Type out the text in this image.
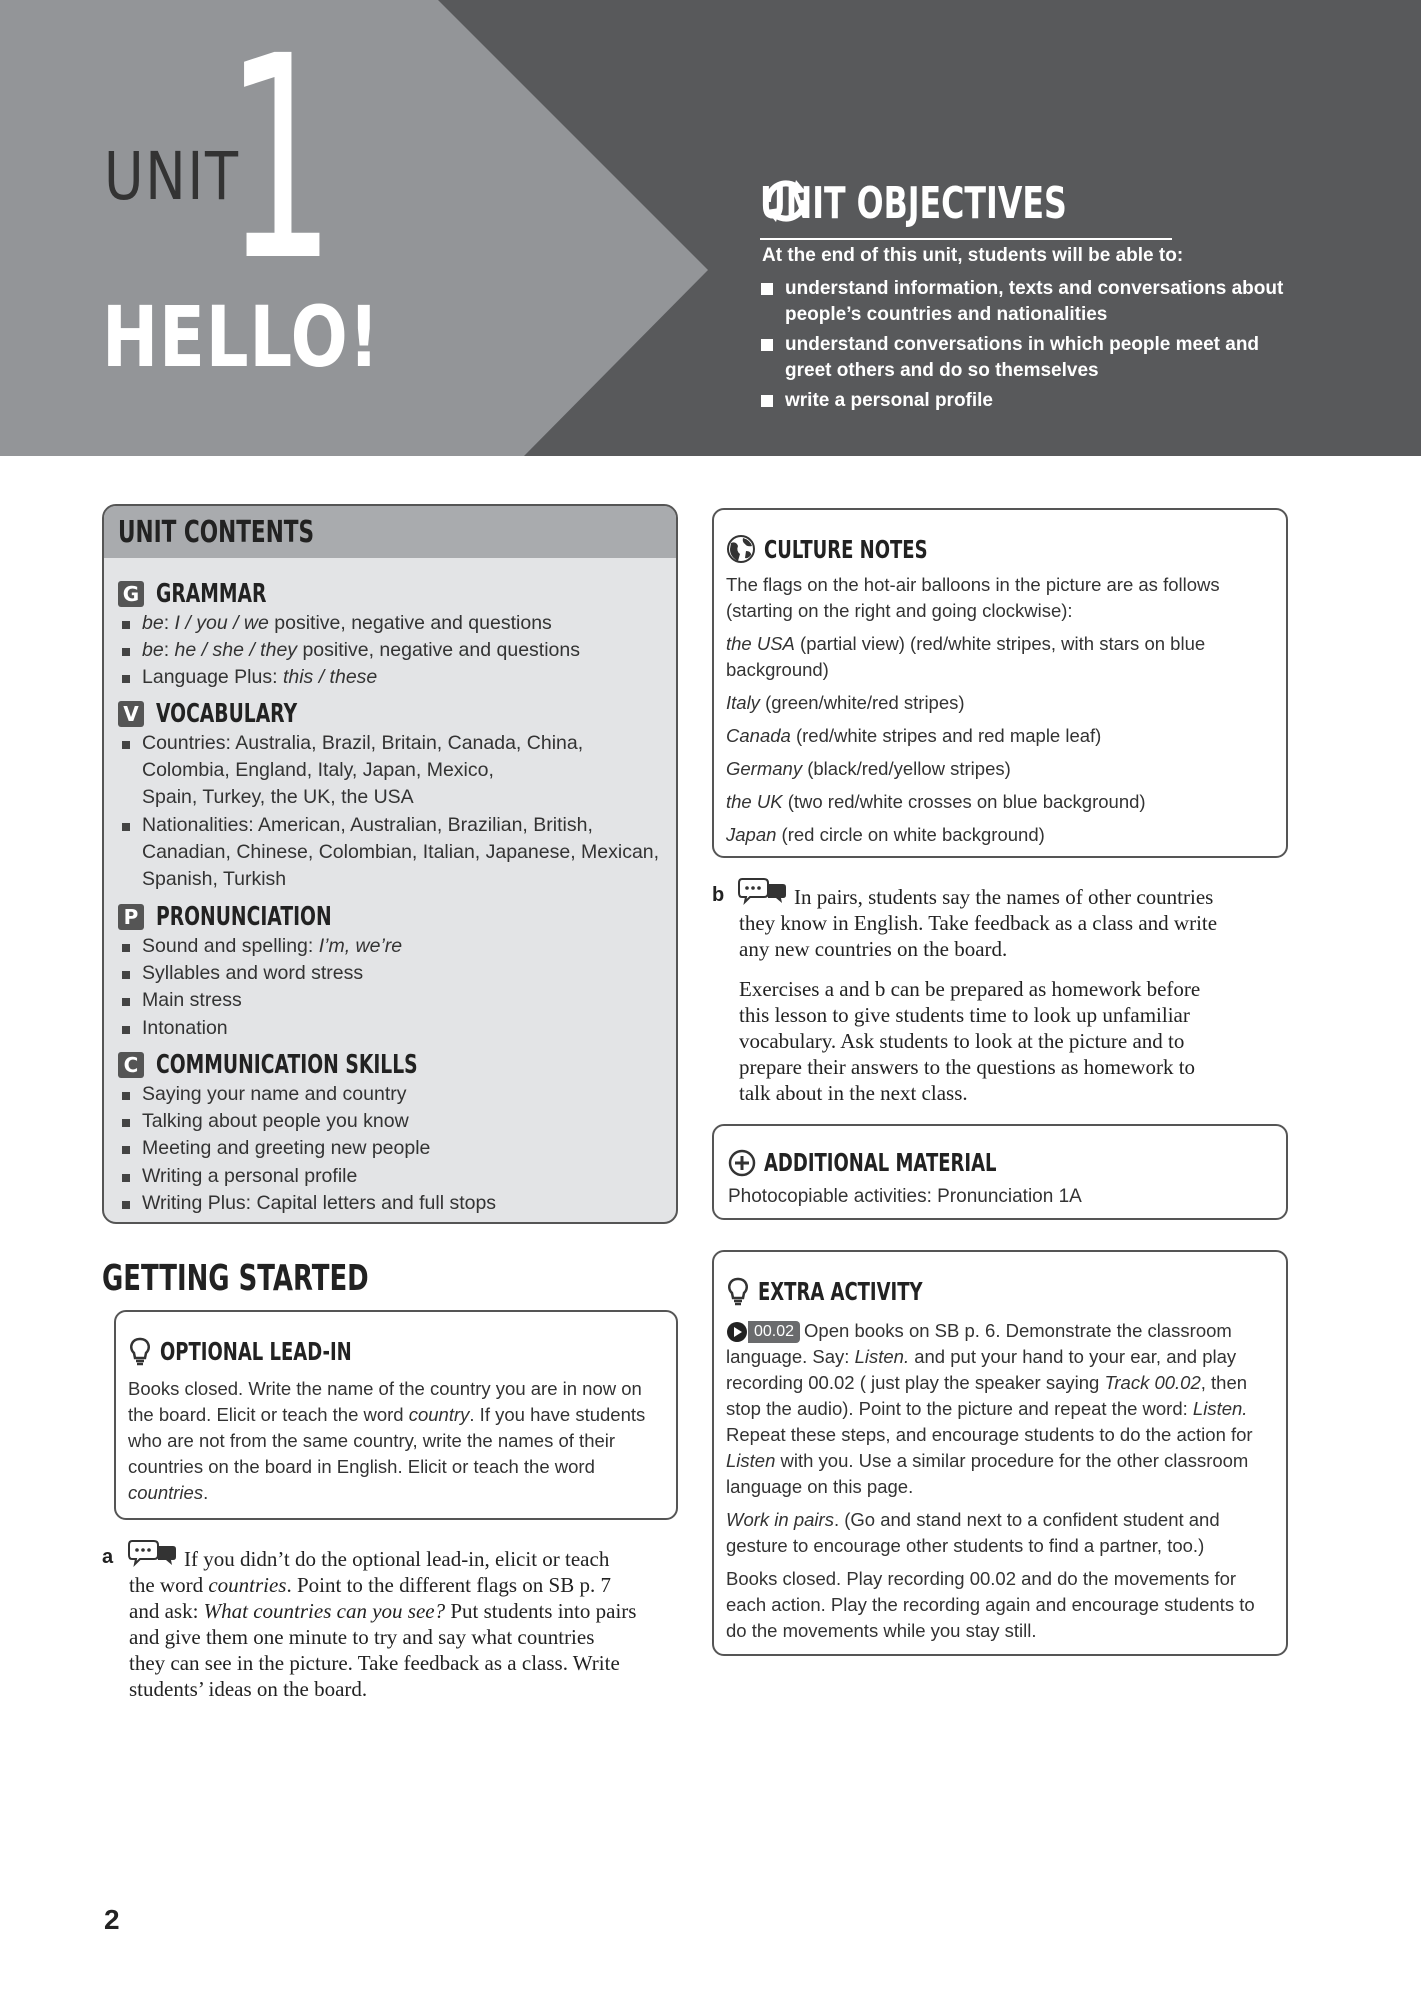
UNIT
1
HELLO!
UNIT OBJECTIVES
At the end of this unit, students will be able to:
understand information, texts and conversations about people’s countries and nationalities
understand conversations in which people meet and greet others and do so themselves
write a personal profile
UNIT CONTENTS
G GRAMMAR
be: I / you / we positive, negative and questions
be: he / she / they positive, negative and questions
Language Plus: this / these
V VOCABULARY
Countries: Australia, Brazil, Britain, Canada, China,
Colombia, England, Italy, Japan, Mexico,
Spain, Turkey, the UK, the USA
Nationalities: American, Australian, Brazilian, British,
Canadian, Chinese, Colombian, Italian, Japanese, Mexican,
Spanish, Turkish
P PRONUNCIATION
Sound and spelling: I’m, we’re
Syllables and word stress
Main stress
Intonation
C COMMUNICATION SKILLS
Saying your name and country
Talking about people you know
Meeting and greeting new people
Writing a personal profile
Writing Plus: Capital letters and full stops
GETTING STARTED
OPTIONAL LEAD-IN

Books closed. Write the name of the country you are in now on
the board. Elicit or teach the word country. If you have students
who are not from the same country, write the names of their
countries on the board in English. Elicit or teach the word
countries.

a	If you didn’t do the optional lead-in, elicit or teach
the word countries. Point to the different flags on SB p. 7
and ask: What countries can you see? Put students into pairs
and give them one minute to try and say what countries
they can see in the picture. Take feedback as a class. Write
students’ ideas on the board.

CULTURE NOTES

The flags on the hot-air balloons in the picture are as follows
(starting on the right and going clockwise):

the USA (partial view) (red/white stripes, with stars on blue
background)

Italy (green/white/red stripes)

Canada (red/white stripes and red maple leaf)

Germany (black/red/yellow stripes)

the UK (two red/white crosses on blue background)

Japan (red circle on white background)

b	In pairs, students say the names of other countries
they know in English. Take feedback as a class and write
any new countries on the board.

Exercises a and b can be prepared as homework before
this lesson to give students time to look up unfamiliar
vocabulary. Ask students to look at the picture and to
prepare their answers to the questions as homework to
talk about in the next class.

ADDITIONAL MATERIAL

Photocopiable activities: Pronunciation 1A

EXTRA ACTIVITY

00.02 Open books on SB p. 6. Demonstrate the classroom
language. Say: Listen. and put your hand to your ear, and play
recording 00.02 ( just play the speaker saying Track 00.02, then
stop the audio). Point to the picture and repeat the word: Listen.
Repeat these steps, and encourage students to do the action for
Listen with you. Use a similar procedure for the other classroom
language on this page.

Work in pairs. (Go and stand next to a confident student and
gesture to encourage other students to find a partner, too.)

Books closed. Play recording 00.02 and do the movements for
each action. Play the recording again and encourage students to
do the movements while you stay still.

2
